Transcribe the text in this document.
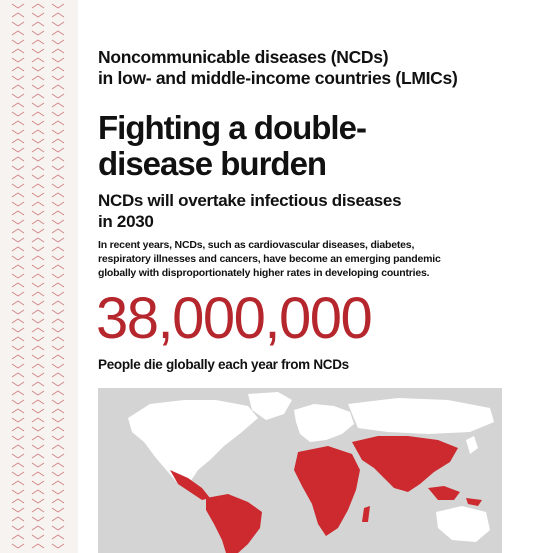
Noncommunicable diseases (NCDs)
in low- and middle-income countries (LMICs)
Fighting a double-
disease burden
NCDs will overtake infectious diseases
in 2030

In recent years, NCDs, such as cardiovascular diseases, diabetes,
respiratory illnesses and cancers, have become an emerging pandemic
globally with disproportionately higher rates in developing countries.

38,000,000
People die globally each year from NCDs
